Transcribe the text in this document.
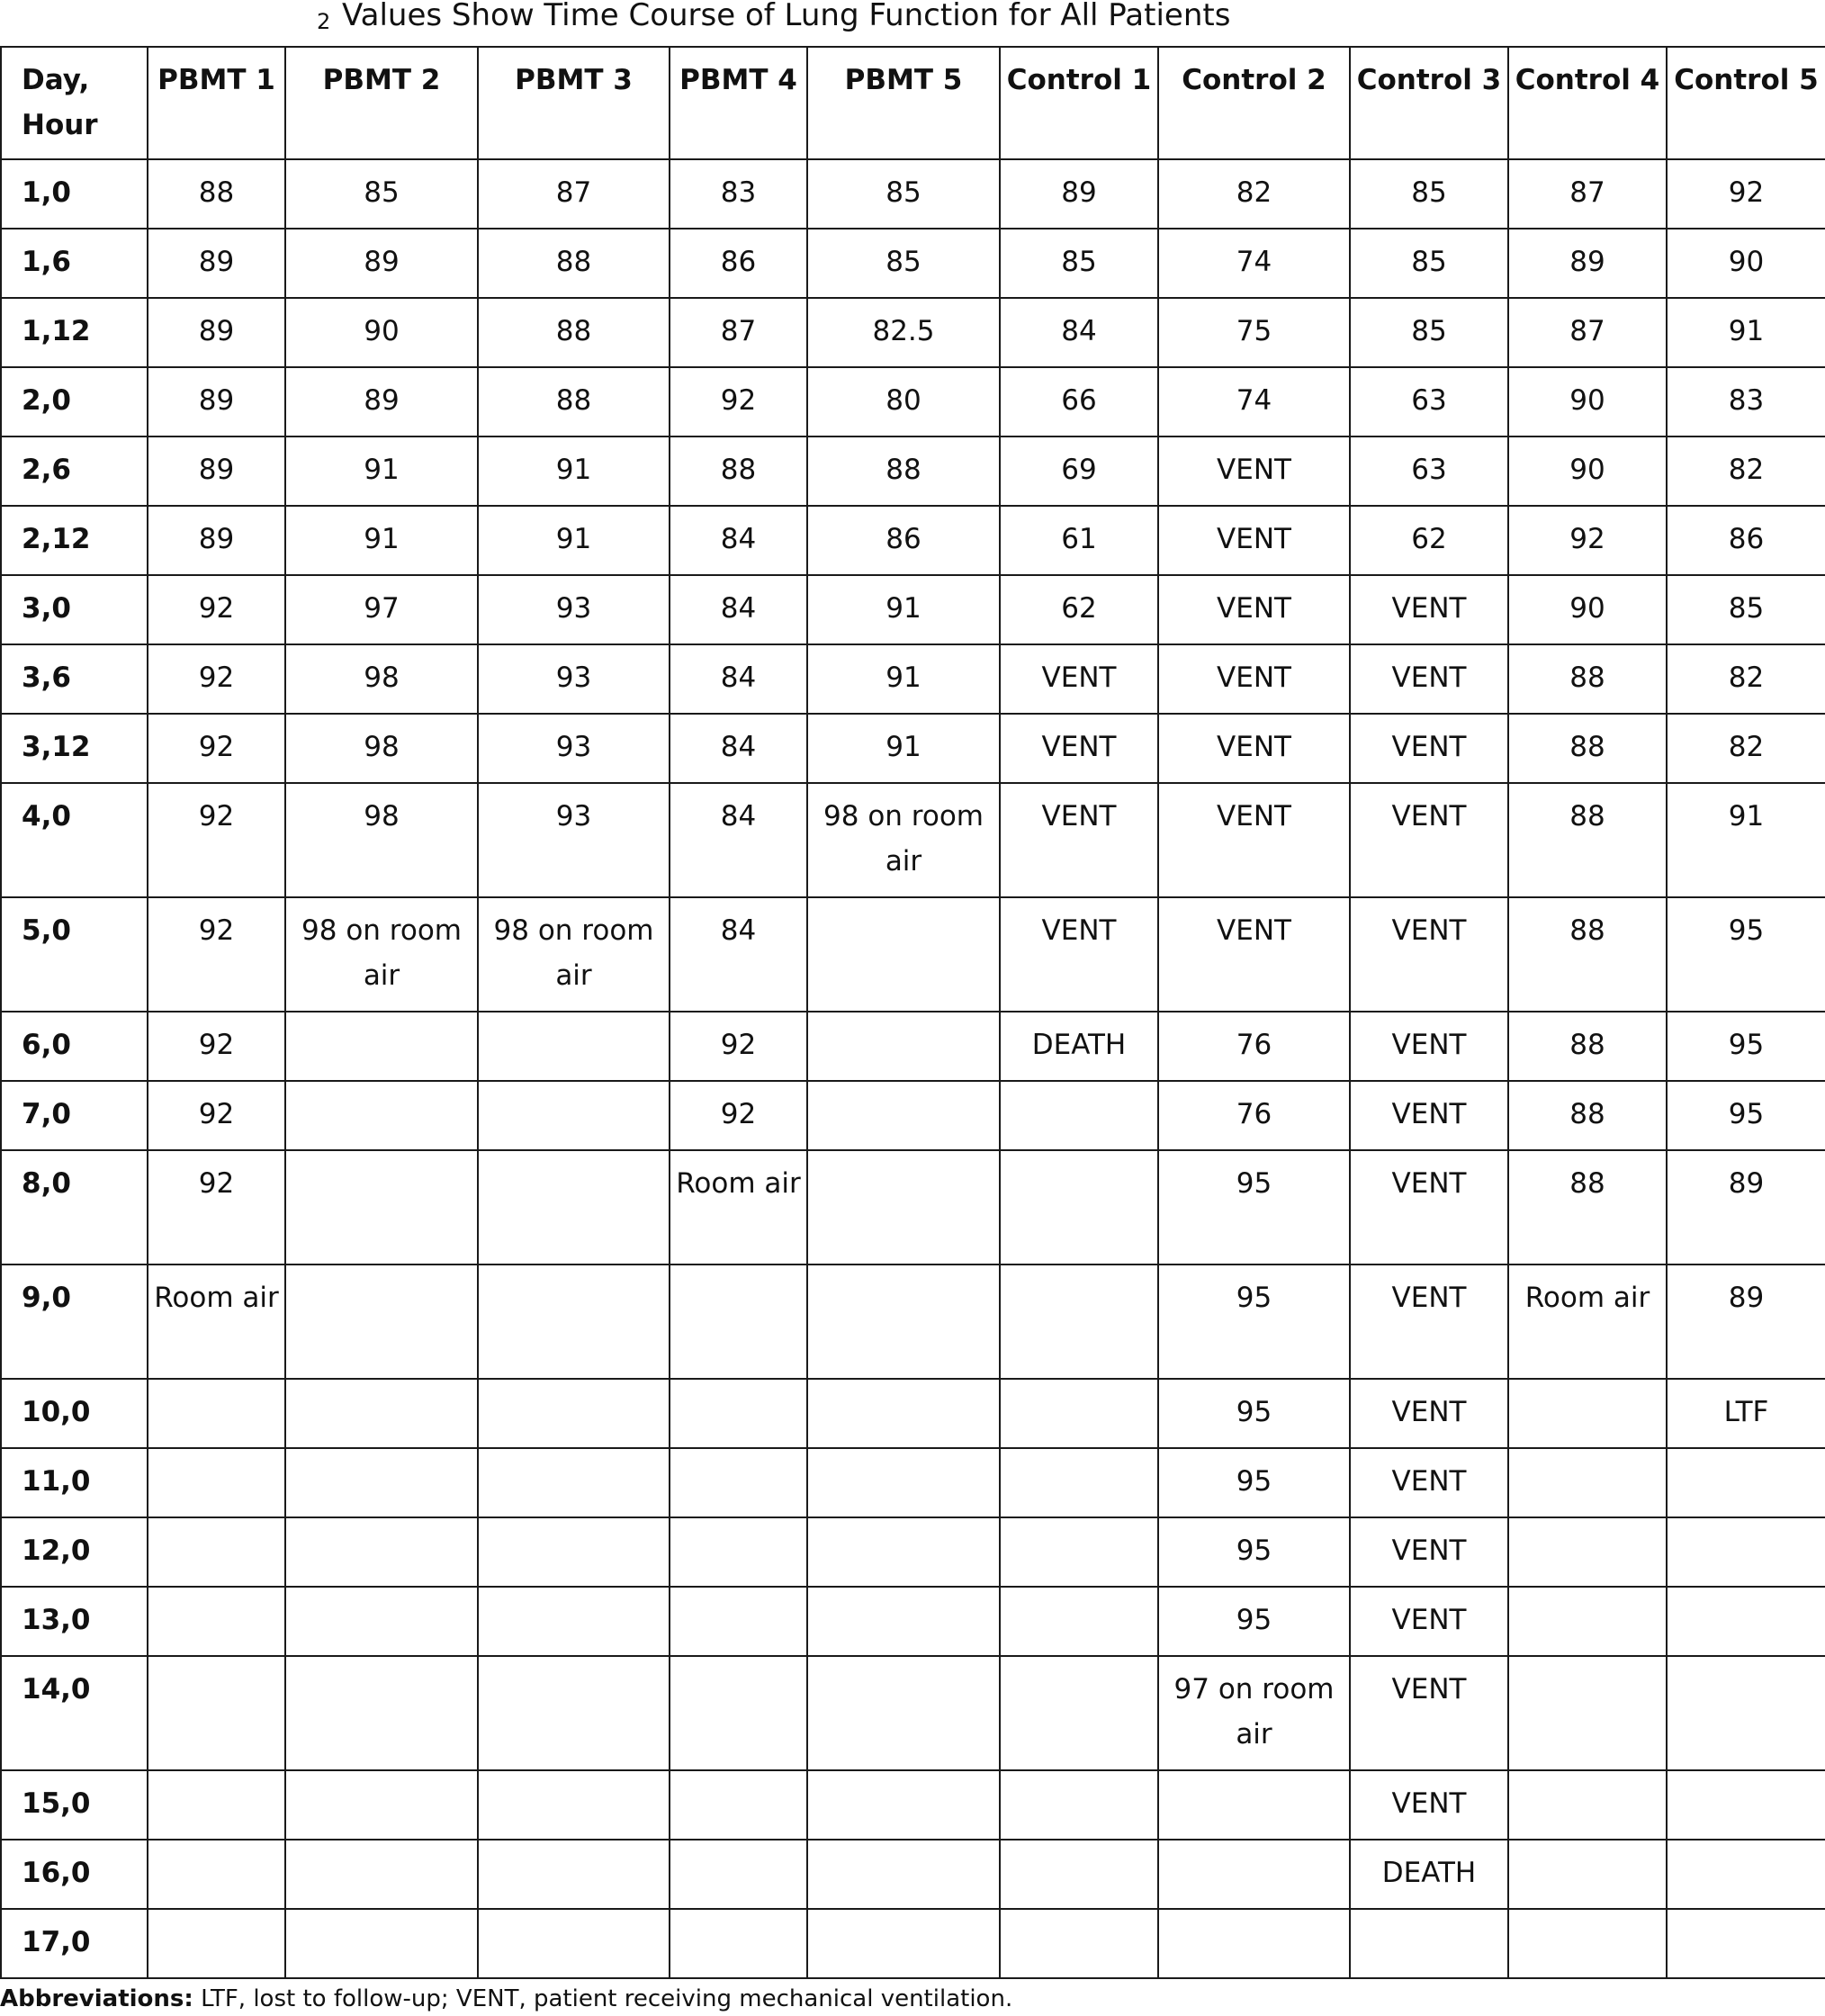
2 Values Show Time Course of Lung Function for All Patients
Day, Hour	PBMT 1	PBMT 2	PBMT 3	PBMT 4	PBMT 5	Control 1	Control 2	Control 3	Control 4	Control 5
1,0	88	85	87	83	85	89	82	85	87	92
1,6	89	89	88	86	85	85	74	85	89	90
1,12	89	90	88	87	82.5	84	75	85	87	91
2,0	89	89	88	92	80	66	74	63	90	83
2,6	89	91	91	88	88	69	VENT	63	90	82
2,12	89	91	91	84	86	61	VENT	62	92	86
3,0	92	97	93	84	91	62	VENT	VENT	90	85
3,6	92	98	93	84	91	VENT	VENT	VENT	88	82
3,12	92	98	93	84	91	VENT	VENT	VENT	88	82
4,0	92	98	93	84	98 on room air	VENT	VENT	VENT	88	91
5,0	92	98 on room air	98 on room air	84		VENT	VENT	VENT	88	95
6,0	92			92		DEATH	76	VENT	88	95
7,0	92			92			76	VENT	88	95
8,0	92			Room air			95	VENT	88	89
9,0	Room air						95	VENT	Room air	89
10,0							95	VENT		LTF
11,0							95	VENT		
12,0							95	VENT		
13,0							95	VENT		
14,0							97 on room air	VENT		
15,0								VENT		
16,0								DEATH		
17,0										
Abbreviations: LTF, lost to follow-up; VENT, patient receiving mechanical ventilation.
